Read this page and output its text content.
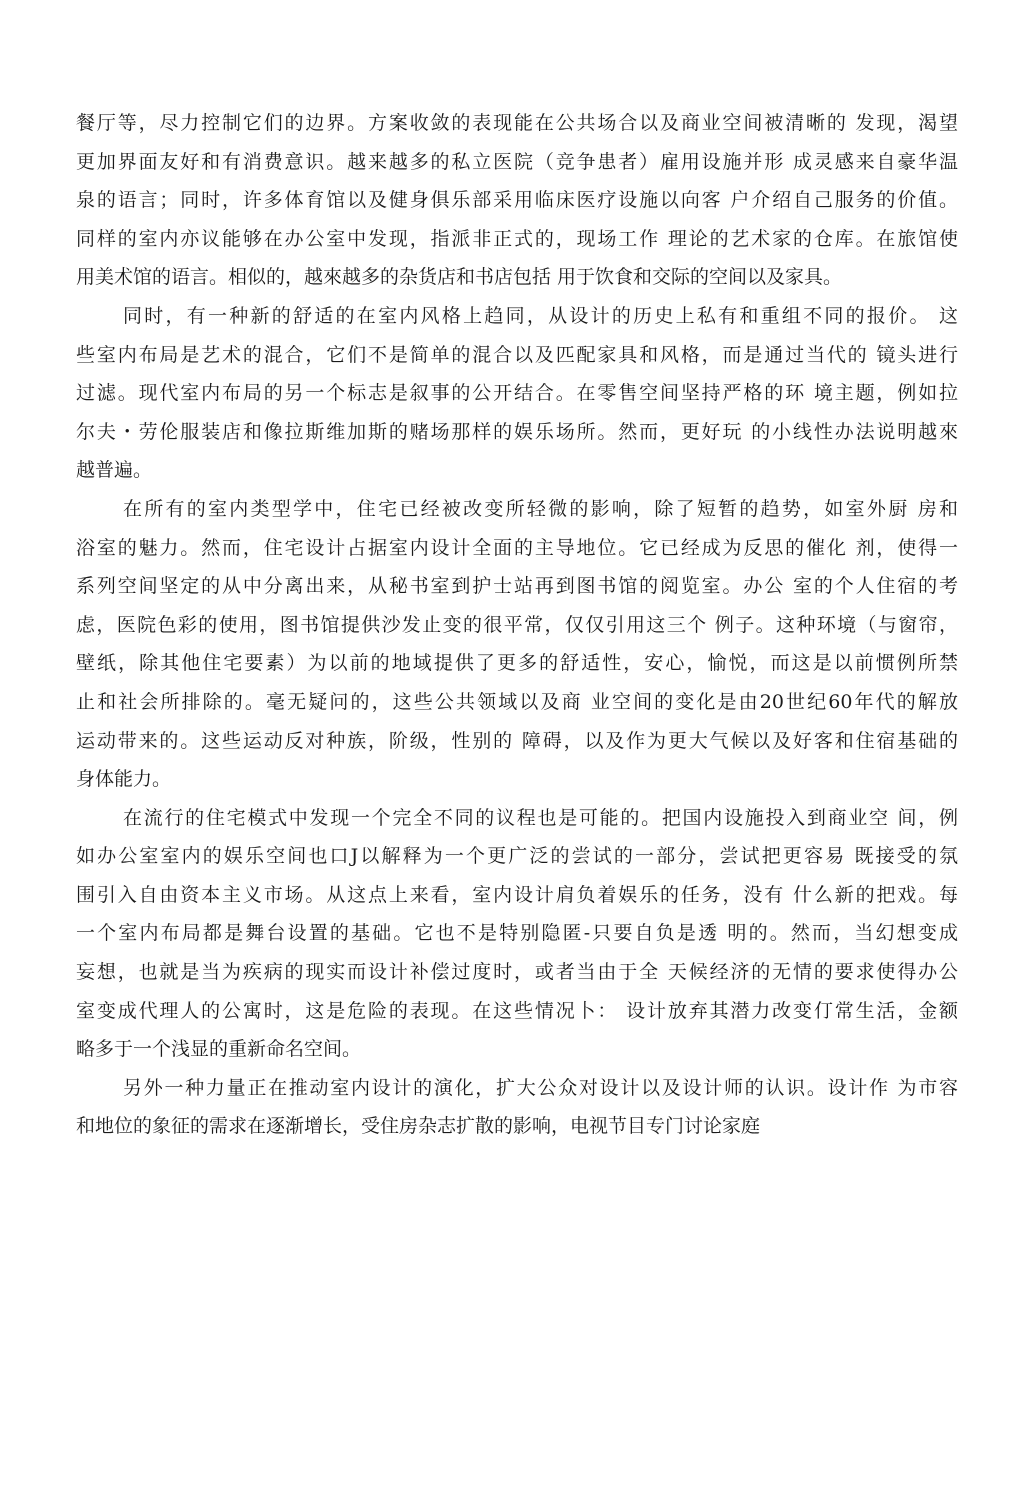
餐厅等，尽力控制它们的边界。方案收敛的表现能在公共场合以及商业空间被清晰的 发现，渴望
更加界面友好和有消费意识。越来越多的私立医院（竞争患者）雇用设施并形 成灵感来自豪华温
泉的语言；同时，许多体育馆以及健身俱乐部采用临床医疗设施以向客 户介绍自己服务的价值。
同样的室内亦议能够在办公室中发现，指派非正式的，现场工作 理论的艺术家的仓库。在旅馆使
用美术馆的语言。相似的，越來越多的杂货店和书店包括 用于饮食和交际的空间以及家具。
同时，有一种新的舒适的在室内风格上趋同，从设计的历史上私有和重组不同的报价。 这
些室内布局是艺术的混合，它们不是简单的混合以及匹配家具和风格，而是通过当代的 镜头进行
过滤。现代室内布局的另一个标志是叙事的公开结合。在零售空间坚持严格的环 境主题，例如拉
尔夫・劳伦服装店和像拉斯维加斯的赌场那样的娱乐场所。然而，更好玩 的小线性办法说明越來
越普遍。
在所有的室内类型学中，住宅已经被改变所轻微的影响，除了短暂的趋势，如室外厨 房和
浴室的魅力。然而，住宅设计占据室内设计全面的主导地位。它已经成为反思的催化 剂，使得一
系列空间坚定的从中分离出来，从秘书室到护士站再到图书馆的阅览室。办公 室的个人住宿的考
虑，医院色彩的使用，图书馆提供沙发止变的很平常，仅仅引用这三个 例子。这种环境（与窗帘，
壁纸，除其他住宅要素）为以前的地域提供了更多的舒适性，安心，愉悦，而这是以前惯例所禁
止和社会所排除的。毫无疑问的，这些公共领域以及商 业空间的变化是由20世纪60年代的解放
运动带来的。这些运动反对种族，阶级，性别的 障碍，以及作为更大气候以及好客和住宿基础的
身体能力。
在流行的住宅模式中发现一个完全不同的议程也是可能的。把国内设施投入到商业空 间，例
如办公室室内的娱乐空间也口J以解释为一个更广泛的尝试的一部分，尝试把更容易 既接受的氛
围引入自由资本主义市场。从这点上来看，室内设计肩负着娱乐的任务，没有 什么新的把戏。每
一个室内布局都是舞台设置的基础。它也不是特别隐匿-只要自负是透 明的。然而，当幻想变成
妄想，也就是当为疾病的现实而设计补偿过度时，或者当由于全 天候经济的无情的要求使得办公
室变成代理人的公寓时，这是危险的表现。在这些情况卜： 设计放弃其潜力改变仃常生活，金额
略多于一个浅显的重新命名空间。
另外一种力量正在推动室内设计的演化，扩大公众对设计以及设计师的认识。设计作 为市容
和地位的象征的需求在逐渐增长，受住房杂志扩散的影响，电视节目专门讨论家庭
